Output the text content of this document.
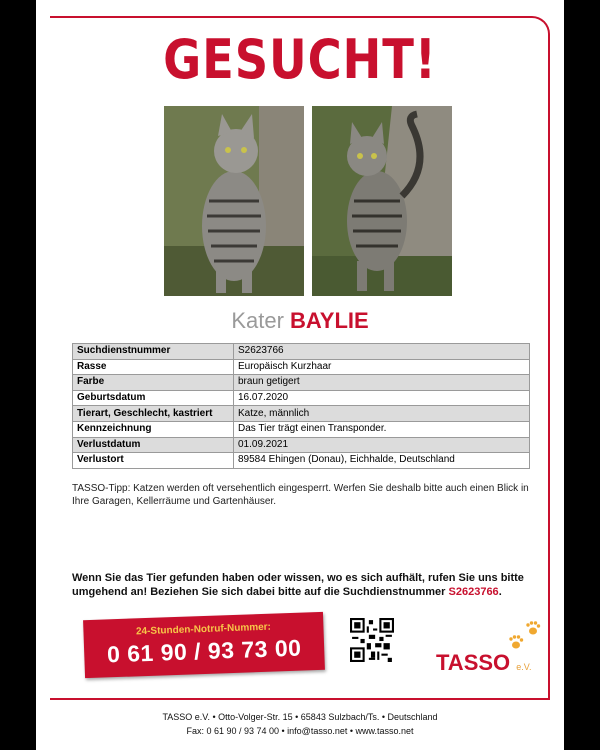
GESUCHT!
Kater BAYLIE
Suchdienstnummer	S2623766
Rasse	Europäisch Kurzhaar
Farbe	braun getigert
Geburtsdatum	16.07.2020
Tierart, Geschlecht, kastriert	Katze, männlich
Kennzeichnung	Das Tier trägt einen Transponder.
Verlustdatum	01.09.2021
Verlustort	89584 Ehingen (Donau), Eichhalde, Deutschland
TASSO-Tipp: Katzen werden oft versehentlich eingesperrt. Werfen Sie deshalb bitte auch einen Blick in Ihre Garagen, Kellerräume und Gartenhäuser.
Wenn Sie das Tier gefunden haben oder wissen, wo es sich aufhält, rufen Sie uns bitte umgehend an! Beziehen Sie sich dabei bitte auf die Suchdienstnummer S2623766.
24-Stunden-Notruf-Nummer:
0 61 90 / 93 73 00	TASSO e.V.
TASSO e.V. • Otto-Volger-Str. 15 • 65843 Sulzbach/Ts. • Deutschland
Fax: 0 61 90 / 93 74 00 • info@tasso.net • www.tasso.net
